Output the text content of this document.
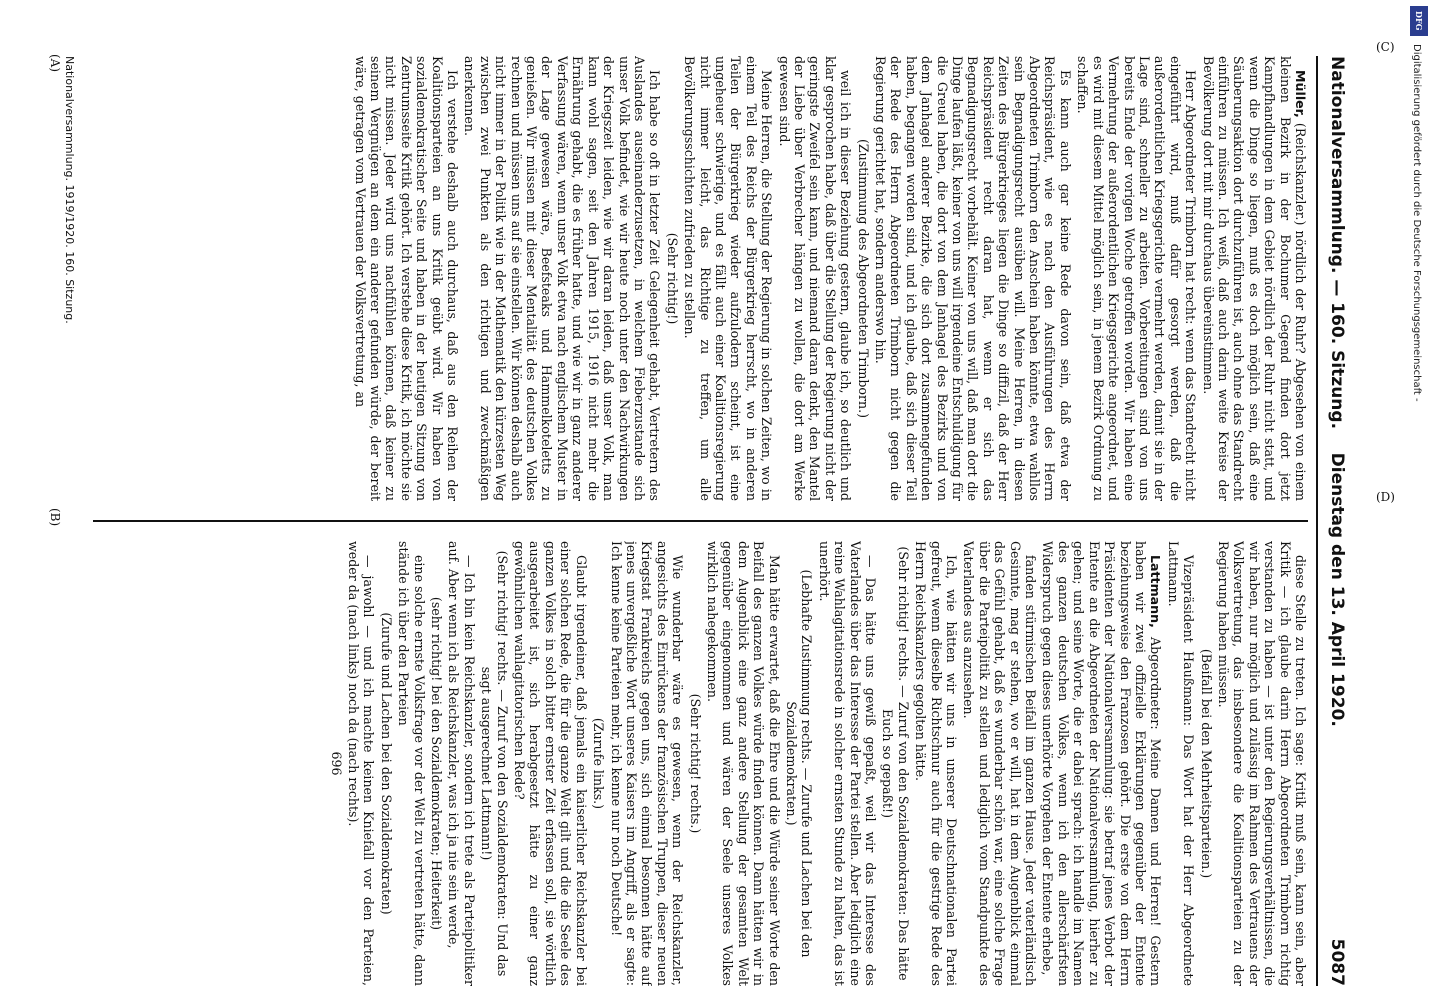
Nationalversammlung. — 160. Sitzung.
Dienstag den 13. April 1920.  5087

Müller, (Reichskanzler.) nördlich der Ruhr? Abgesehen von einem kleinen Bezirk in der Bochumer Gegend finden dort jetzt Kampfhandlungen in dem Gebiet nördlich der Ruhr nicht statt, und wenn die Dinge so liegen, muß es doch möglich sein, daß eine Säuberungsaktion dort durchzuführen ist, auch ohne das Standrecht einführen zu müssen. Ich weiß, daß auch darin weite Kreise der Bevölkerung dort mit mir durchaus übereinstimmen.

Herr Abgeordneter Trimborn hat recht: wenn das Standrecht nicht eingeführt wird, muß dafür gesorgt werden, daß die außerordentlichen Kriegsgerichte vermehrt werden, damit sie in der Lage sind, schneller zu arbeiten. Vorbereitungen sind von uns bereits Ende der vorigen Woche getroffen worden. Wir haben eine Vermehrung der außerordentlichen Kriegsgerichte angeordnet, und es wird mit diesem Mittel möglich sein, in jenem Bezirk Ordnung zu schaffen.

Es kann auch gar keine Rede davon sein, daß etwa der Reichspräsident, wie es nach den Ausführungen des Herrn Abgeordneten Trimborn den Anschein haben könnte, etwa wahllos sein Begnadigungsrecht ausüben will. Meine Herren, in diesen Zeiten des Bürgerkrieges liegen die Dinge so diffizil, daß der Herr Reichspräsident recht daran hat, wenn er sich das Begnadigungsrecht vorbehält. Keiner von uns will, daß man dort die Dinge laufen läßt, keiner von uns will irgendeine Entschuldigung für die Greuel haben, die dort von dem Janhagel des Bezirks und von dem Janhagel anderer Bezirke, die sich dort zusammengefunden haben, begangen worden sind, und ich glaube, daß sich dieser Teil der Rede des Herrn Abgeordneten Trimborn nicht gegen die Regierung gerichtet hat, sondern anderswo hin.

(Zustimmung des Abgeordneten Trimborn.)

weil ich in dieser Beziehung gestern, glaube ich, so deutlich und klar gesprochen habe, daß über die Stellung der Regierung nicht der geringste Zweifel sein kann, und niemand daran denkt, den Mantel der Liebe über Verbrecher hängen zu wollen, die dort am Werke gewesen sind.

Meine Herren, die Stellung der Regierung in solchen Zeiten, wo in einem Teil des Reichs der Bürgerkrieg herrscht, wo in anderen Teilen der Bürgerkrieg wieder aufzulodern scheint, ist eine ungeheuer schwierige, und es fällt auch einer Koalitionsregierung nicht immer leicht, das Richtige zu treffen, um alle Bevölkerungsschichten zufrieden zu stellen.

(Sehr richtig!)

Ich habe so oft in letzter Zeit Gelegenheit gehabt, Vertretern des Auslandes auseinanderzusetzen, in welchem Fieberzustande sich unser Volk befindet, wie wir heute noch unter den Nachwirkungen der Kriegszeit leiden, wie wir daran leiden, daß unser Volk, man kann wohl sagen, seit den Jahren 1915, 1916 nicht mehr die Ernährung gehabt, die es früher hatte, und wie wir in ganz anderer Verfassung wären, wenn unser Volk etwa nach englischem Muster in der Lage gewesen wäre, Beefsteaks und Hammelkoteletts zu genießen. Wir müssen mit dieser Mentalität des deutschen Volkes rechnen und müssen uns auf sie einstellen. Wir können deshalb auch nicht immer in der Politik wie in der Mathematik den kürzesten Weg zwischen zwei Punkten als den richtigen und zweckmäßigen anerkennen.

Ich verstehe deshalb auch durchaus, daß aus den Reihen der Koalitionsparteien an uns Kritik geübt wird. Wir haben von sozialdemokratischer Seite und haben in der heutigen Sitzung von Zentrumsseite Kritik gehört. Ich verstehe diese Kritik, ich möchte sie nicht missen. Jeder wird uns nachfühlen können, daß keiner zu seinem Vergnügen an dem ein anderer gefunden würde, der bereit wäre, getragen vom Vertrauen der Volksvertretung, an

diese Stelle zu treten. Ich sage: Kritik muß sein, kann sein, aber Kritik — ich glaube darin Herrn Abgeordneten Trimborn richtig verstanden zu haben — ist unter den Regierungsverhältnissen, die wir haben, nur möglich und zulässig im Rahmen des Vertrauens der Volksvertretung, das insbesondere die Koalitionsparteien zu der Regierung haben müssen.

(Beifall bei den Mehrheitsparteien.)

Vizepräsident Haußmann: Das Wort hat der Herr Abgeordnete Lattmann.

Lattmann, Abgeordneter: Meine Damen und Herren! Gestern haben wir zwei offizielle Erklärungen gegenüber der Entente beziehungsweise den Franzosen gehört. Die erste von dem Herrn Präsidenten der Nationalversammlung: sie betraf jenes Verbot der Entente an die Abgeordneten der Nationalversammlung, hierher zu gehen; und seine Worte, die er dabei sprach: ich handle im Namen des ganzen deutschen Volkes, wenn ich den allerschärfsten Widerspruch gegen dieses unerhörte Vorgehen der Entente erhebe,

fanden stürmischen Beifall im ganzen Hause. Jeder vaterländisch Gesinnte, mag er stehen, wo er will, hat in dem Augenblick einmal das Gefühl gehabt, daß es wunderbar schön war, eine solche Frage über die Parteipolitik zu stellen und lediglich vom Standpunkte des Vaterlandes aus anzusehen.

Ich, wie hätten wir uns in unserer Deutschnationalen Partei gefreut, wenn dieselbe Richtschnur auch für die gestrige Rede des Herrn Reichskanzlers gegolten hätte.

(Sehr richtig! rechts. — Zuruf von den Sozialdemokraten: Das hätte Euch so gepaßt!)

— Das hätte uns gewiß gepaßt, weil wir das Interesse des Vaterlandes über das Interesse der Partei stellen. Aber lediglich eine reine Wahlagitationsrede in solcher ernsten Stunde zu halten, das ist unerhört.

(Lebhafte Zustimmung rechts. — Zurufe und Lachen bei den Sozialdemokraten.)

Man hätte erwartet, daß die Ehre und die Würde seiner Worte den Beifall des ganzen Volkes würde finden können. Dann hätten wir in dem Augenblick eine ganz andere Stellung der gesamten Welt gegenüber eingenommen und wären der Seele unseres Volkes wirklich nahegekommen.

(Sehr richtig! rechts.)

Wie wunderbar wäre es gewesen, wenn der Reichskanzler, angesichts des Einrückens der französischen Truppen, dieser neuen Kriegstat Frankreichs gegen uns, sich einmal besonnen hätte auf jenes unvergeßliche Wort unseres Kaisers im Angriff, als er sagte: Ich kenne keine Parteien mehr, ich kenne nur noch Deutsche!

(Zurufe links.)

Glaubt irgendeiner, daß jemals ein kaiserlicher Reichskanzler bei einer solchen Rede, die für die ganze Welt gilt und die die Seele des ganzen Volkes in solch bitter ernster Zeit erfassen soll, sie wörtlich ausgearbeitet ist, sich herabgesetzt hätte zu einer ganz gewöhnlichen wahlagitatorischen Rede?

(Sehr richtig! rechts. — Zuruf von den Sozialdemokraten: Und das sagt ausgerechnet Lattmann!)

— Ich bin kein Reichskanzler, sondern ich trete als Parteipolitiker auf. Aber wenn ich als Reichskanzler, was ich ja nie sein werde,

(sehr richtig! bei den Sozialdemokraten; Heiterkeit)

eine solche ernste Volksfrage vor der Welt zu vertreten hätte, dann stände ich über den Parteien

(Zurufe und Lachen bei den Sozialdemokraten)

— jawohl — und ich machte keinen Kniefall vor den Parteien, weder da (nach links) noch da (nach rechts).

696

Nationalversammlung. 1919/1920. 160. Sitzung.
(A)
(B)
(C)
(D)
DFG
Digitalisierung gefördert durch die Deutsche Forschungsgemeinschaft -
